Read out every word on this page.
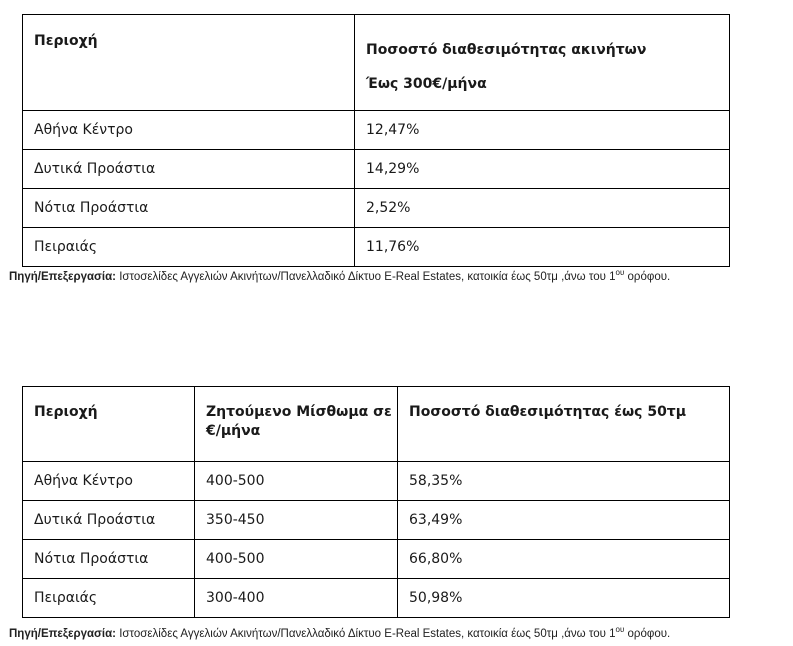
Περιοχή	Ποσοστό διαθεσιμότητας ακινήτων
Έως 300€/μήνα

Αθήνα Κέντρο	12,47%
Δυτικά Προάστια	14,29%
Νότια Προάστια	2,52%
Πειραιάς	11,76%
Πηγή/Επεξεργασία: Ιστοσελίδες Αγγελιών Ακινήτων/Πανελλαδικό Δίκτυο E-Real Estates, κατοικία έως 50τμ ,άνω του $1^{o\upsilon}$ ορόφου.
Περιοχή	Ζητούμενο Μίσθωμα σε €/μήνα	Ποσοστό διαθεσιμότητας έως 50τμ
Αθήνα Κέντρο	400-500	58,35%
Δυτικά Προάστια	350-450	63,49%
Νότια Προάστια	400-500	66,80%
Πειραιάς	300-400	50,98%
Πηγή/Επεξεργασία: Ιστοσελίδες Αγγελιών Ακινήτων/Πανελλαδικό Δίκτυο E-Real Estates, κατοικία έως 50τμ ,άνω του $1^{o\upsilon}$ ορόφου.
